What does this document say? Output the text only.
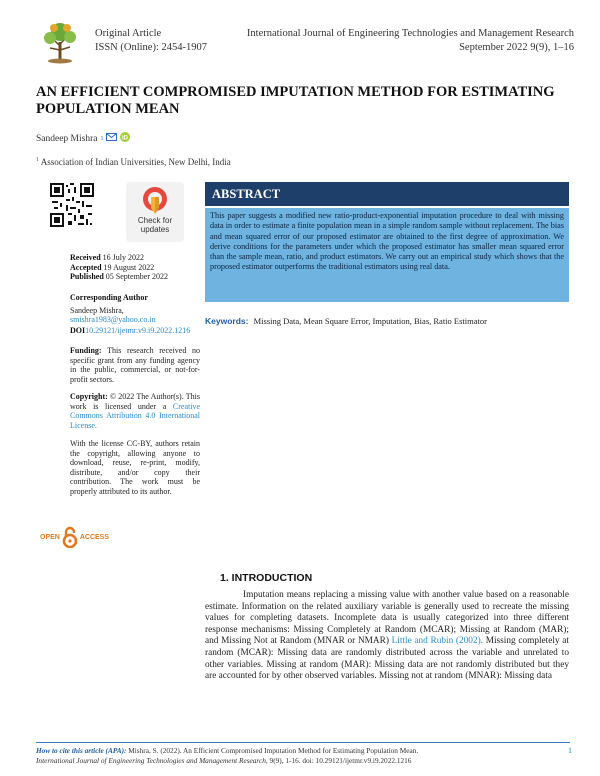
Original Article
ISSN (Online): 2454-1907
International Journal of Engineering Technologies and Management Research
September 2022 9(9), 1–16
AN EFFICIENT COMPROMISED IMPUTATION METHOD FOR ESTIMATING POPULATION MEAN
Sandeep Mishra 1	iD
$^1$ Association of Indian Universities, New Delhi, India
Check for
updates
Received 16 July 2022
Accepted 19 August 2022
Published 05 September 2022
Corresponding Author
Sandeep Mishra,
smishra1983@yahoo.co.in
DOI10.29121/ijetmr.v9.i9.2022.1216
Funding: This research received no specific grant from any funding agency in the public, commercial, or not-for-profit sectors.
Copyright: © 2022 The Author(s). This work is licensed under a Creative Commons Attribution 4.0 International License.
With the license CC-BY, authors retain the copyright, allowing anyone to download, reuse, re-print, modify, distribute, and/or copy their contribution. The work must be properly attributed to its author.
OPEN	ACCESS
ABSTRACT
This paper suggests a modified new ratio-product-exponential imputation procedure to deal with missing data in order to estimate a finite population mean in a simple random sample without replacement. The bias and mean squared error of our proposed estimator are obtained to the first degree of approximation. We derive conditions for the parameters under which the proposed estimator has smaller mean squared error than the sample mean, ratio, and product estimators. We carry out an empirical study which shows that the proposed estimator outperforms the traditional estimators using real data.
Keywords: Missing Data, Mean Square Error, Imputation, Bias, Ratio Estimator
1. INTRODUCTION
Imputation means replacing a missing value with another value based on a reasonable estimate. Information on the related auxiliary variable is generally used to recreate the missing values for completing datasets. Incomplete data is usually categorized into three different response mechanisms: Missing Completely at Random (MCAR); Missing at Random (MAR); and Missing Not at Random (MNAR or NMAR) Little and Rubin (2002). Missing completely at random (MCAR): Missing data are randomly distributed across the variable and unrelated to other variables. Missing at random (MAR): Missing data are not randomly distributed but they are accounted for by other observed variables. Missing not at random (MNAR): Missing data
How to cite this article (APA): Mishra, S. (2022). An Efficient Compromised Imputation Method for Estimating Population Mean.
International Journal of Engineering Technologies and Management Research, 9(9), 1-16. doi: 10.29121/ijetmr.v9.i9.2022.1216
1
